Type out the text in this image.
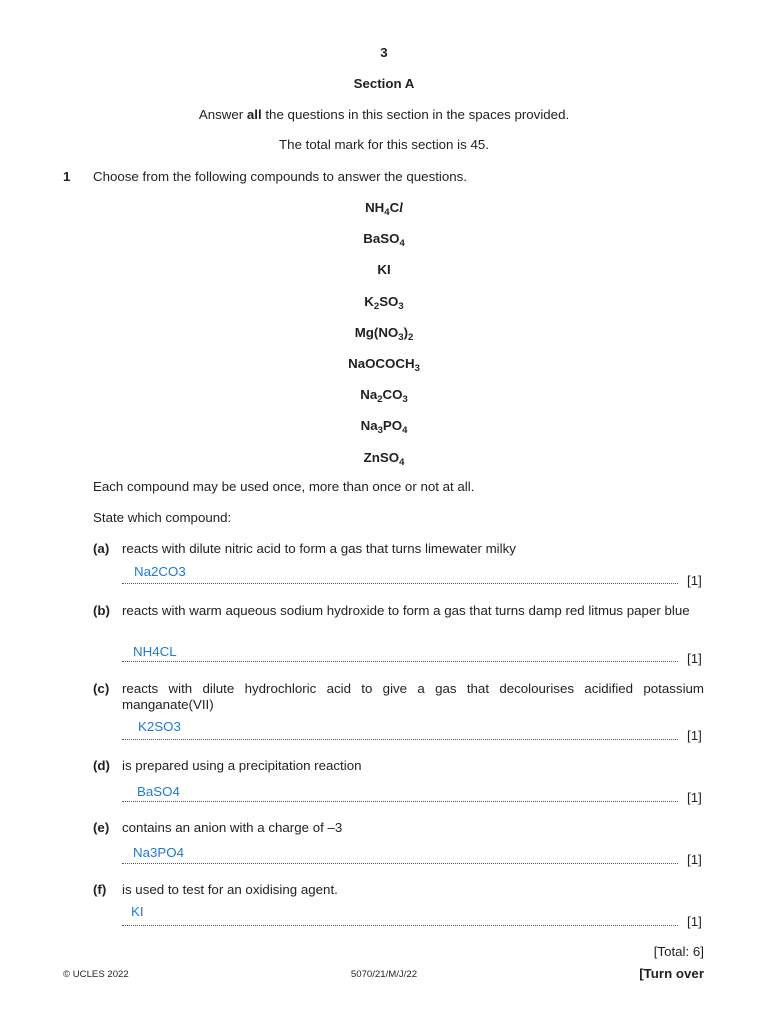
3
Section A
Answer all the questions in this section in the spaces provided.
The total mark for this section is 45.
1 Choose from the following compounds to answer the questions.
$NH_4Cl$
BaSO$_4$
KI
$K_2SO_3$
$Mg(NO_3)_2$
NaOCOCH$_3$
$Na_2CO_3$
$Na_3PO_4$
ZnSO$_4$
Each compound may be used once, more than once or not at all.
State which compound:
(a) reacts with dilute nitric acid to form a gas that turns limewater milky
Na2CO3
[1]
(b) reacts with warm aqueous sodium hydroxide to form a gas that turns damp red litmus paper blue
NH4CL	[1]
(c) reacts with dilute hydrochloric acid to give a gas that decolourises acidified potassium manganate(VII)
K2SO3
[1]
(d) is prepared using a precipitation reaction
BaSO4	[1]
(e) contains an anion with a charge of –3
Na3PO4	[1]
(f) is used to test for an oxidising agent.
KI
[1]
[Total: 6]
© UCLES 2022	5070/21/M/J/22	[Turn over
